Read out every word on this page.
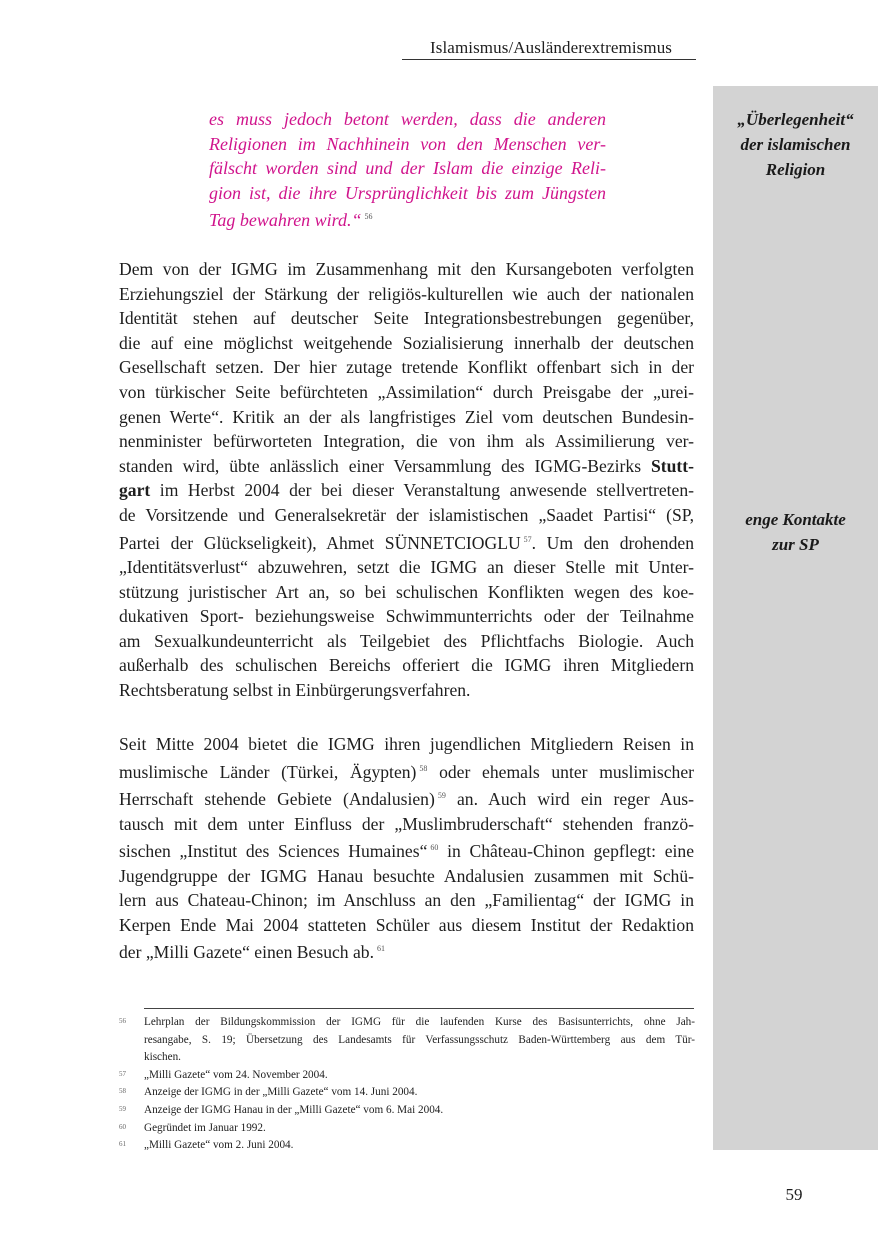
Islamismus/Ausländerextremismus
„Überlegenheit“
der islamischen
Religion
enge Kontakte
zur SP
es muss jedoch betont werden, dass die anderen
Religionen im Nachhinein von den Menschen ver-
fälscht worden sind und der Islam die einzige Reli-
gion ist, die ihre Ursprünglichkeit bis zum Jüngsten
Tag bewahren wird.“ $^{56}$
Dem von der IGMG im Zusammenhang mit den Kursangeboten verfolgten
Erziehungsziel der Stärkung der religiös-kulturellen wie auch der nationalen
Identität stehen auf deutscher Seite Integrationsbestrebungen gegenüber,
die auf eine möglichst weitgehende Sozialisierung innerhalb der deutschen
Gesellschaft setzen. Der hier zutage tretende Konflikt offenbart sich in der
von türkischer Seite befürchteten „Assimilation“ durch Preisgabe der „urei-
genen Werte“. Kritik an der als langfristiges Ziel vom deutschen Bundesin-
nenminister befürworteten Integration, die von ihm als Assimilierung ver-
standen wird, übte anlässlich einer Versammlung des IGMG-Bezirks Stutt-
gart im Herbst 2004 der bei dieser Veranstaltung anwesende stellvertreten-
de Vorsitzende und Generalsekretär der islamistischen „Saadet Partisi“ (SP,
Partei der Glückseligkeit), Ahmet SÜNNETCIOGLU $^{57}$. Um den drohenden
„Identitätsverlust“ abzuwehren, setzt die IGMG an dieser Stelle mit Unter-
stützung juristischer Art an, so bei schulischen Konflikten wegen des koe-
dukativen Sport- beziehungsweise Schwimmunterrichts oder der Teilnahme
am Sexualkundeunterricht als Teilgebiet des Pflichtfachs Biologie. Auch
außerhalb des schulischen Bereichs offeriert die IGMG ihren Mitgliedern
Rechtsberatung selbst in Einbürgerungsverfahren.
Seit Mitte 2004 bietet die IGMG ihren jugendlichen Mitgliedern Reisen in
muslimische Länder (Türkei, Ägypten) $^{58}$ oder ehemals unter muslimischer
Herrschaft stehende Gebiete (Andalusien) $^{59}$ an. Auch wird ein reger Aus-
tausch mit dem unter Einfluss der „Muslimbruderschaft“ stehenden franzö-
sischen „Institut des Sciences Humaines“ $^{60}$ in Château-Chinon gepflegt: eine
Jugendgruppe der IGMG Hanau besuchte Andalusien zusammen mit Schü-
lern aus Chateau-Chinon; im Anschluss an den „Familientag“ der IGMG in
Kerpen Ende Mai 2004 statteten Schüler aus diesem Institut der Redaktion
der „Milli Gazete“ einen Besuch ab. $^{61}$
56	Lehrplan der Bildungskommission der IGMG für die laufenden Kurse des Basisunterrichts, ohne Jah-
resangabe, S. 19; Übersetzung des Landesamts für Verfassungsschutz Baden-Württemberg aus dem Tür-
kischen.
57	„Milli Gazete“ vom 24. November 2004.
58	Anzeige der IGMG in der „Milli Gazete“ vom 14. Juni 2004.
59	Anzeige der IGMG Hanau in der „Milli Gazete“ vom 6. Mai 2004.
60	Gegründet im Januar 1992.
61	„Milli Gazete“ vom 2. Juni 2004.
59
